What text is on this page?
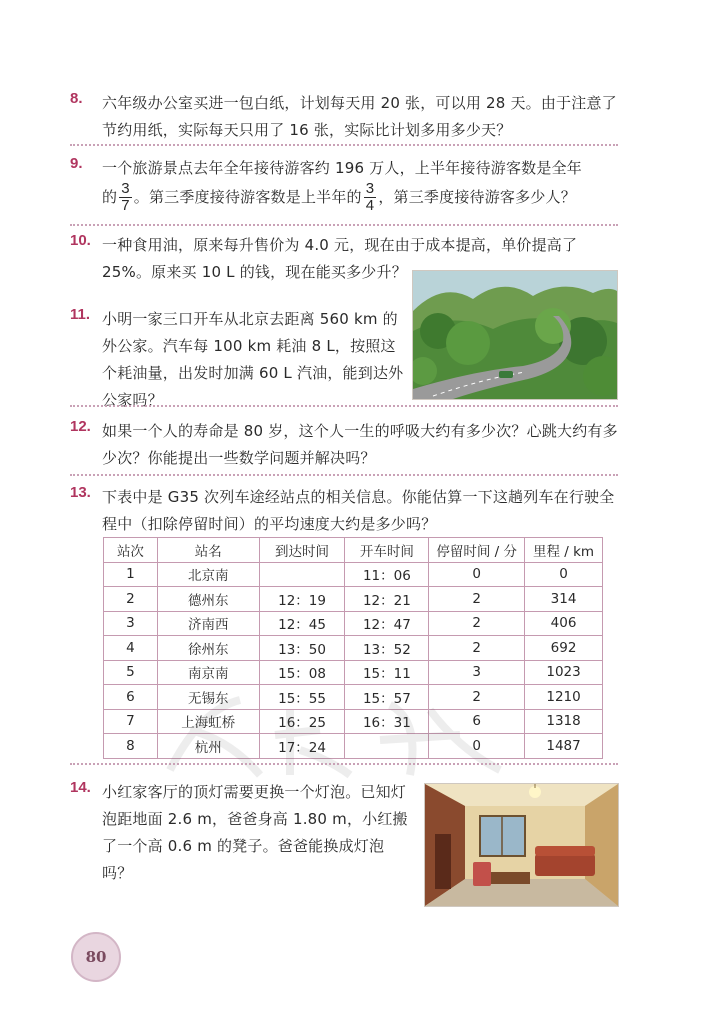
8. 六年级办公室买进一包白纸，计划每天用 20 张，可以用 28 天。由于注意了节约用纸，实际每天只用了 16 张，实际比计划多用多少天？
9. 一个旅游景点去年全年接待游客约 196 万人，上半年接待游客数是全年
的 $\frac{3}{7}$ 。第三季度接待游客数是上半年的 $\frac{3}{4}$ ，第三季度接待游客多少人？
10. 一种食用油，原来每升售价为 4.0 元，现在由于成本提高，单价提高了 25%。原来买 10 L 的钱，现在能买多少升？
11. 小明一家三口开车从北京去距离 560 km 的外公家。汽车每 100 km 耗油 8 L，按照这个耗油量，出发时加满 60 L 汽油，能到达外公家吗？
12. 如果一个人的寿命是 80 岁，这个人一生的呼吸大约有多少次？心跳大约有多少次？你能提出一些数学问题并解决吗？
13. 下表中是 G35 次列车途经站点的相关信息。你能估算一下这趟列车在行驶全程中（扣除停留时间）的平均速度大约是多少吗？
站次	站名	到达时间	开车时间	停留时间 / 分	里程 / km
1	北京南		11：06	0	0
2	德州东	12：19	12：21	2	314
3	济南西	12：45	12：47	2	406
4	徐州东	13：50	13：52	2	692
5	南京南	15：08	15：11	3	1023
6	无锡东	15：55	15：57	2	1210
7	上海虹桥	16：25	16：31	6	1318
8	杭州	17：24		0	1487
14. 小红家客厅的顶灯需要更换一个灯泡。已知灯泡距地面 2.6 m，爸爸身高 1.80 m，小红搬了一个高 0.6 m 的凳子。爸爸能换成灯泡吗？
80
